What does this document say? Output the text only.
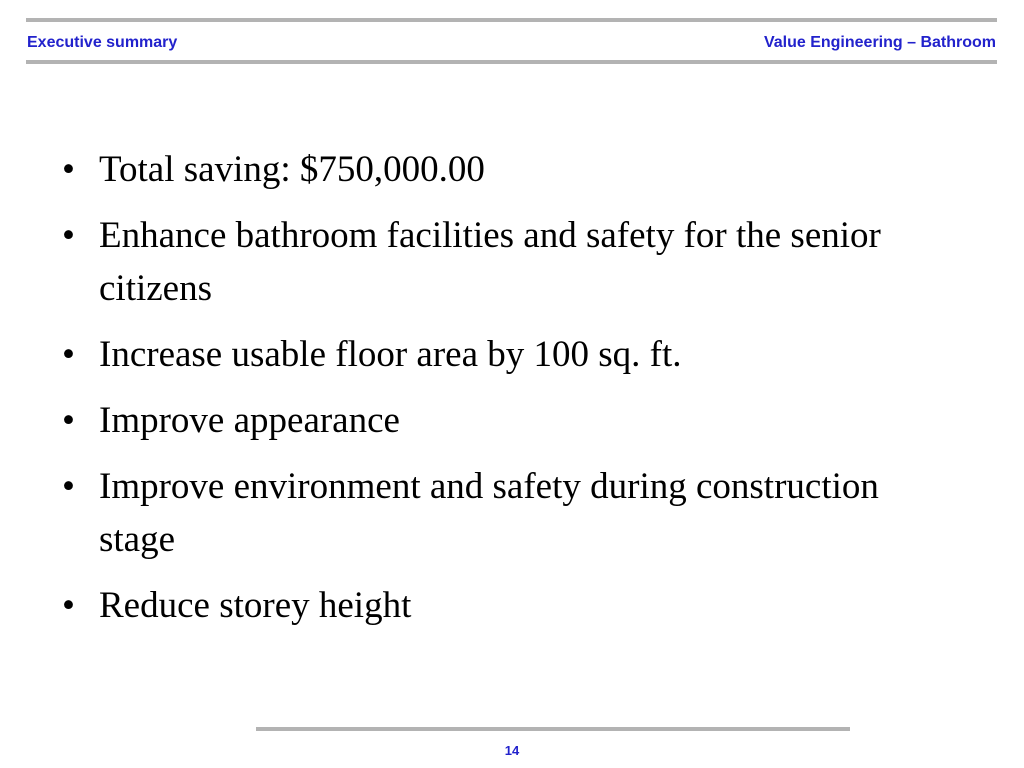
Executive summary	Value Engineering – Bathroom
• Total saving: $750,000.00
• Enhance bathroom facilities and safety for the senior citizens
• Increase usable floor area by 100 sq. ft.
• Improve appearance
• Improve environment and safety during construction stage
• Reduce storey height
14
